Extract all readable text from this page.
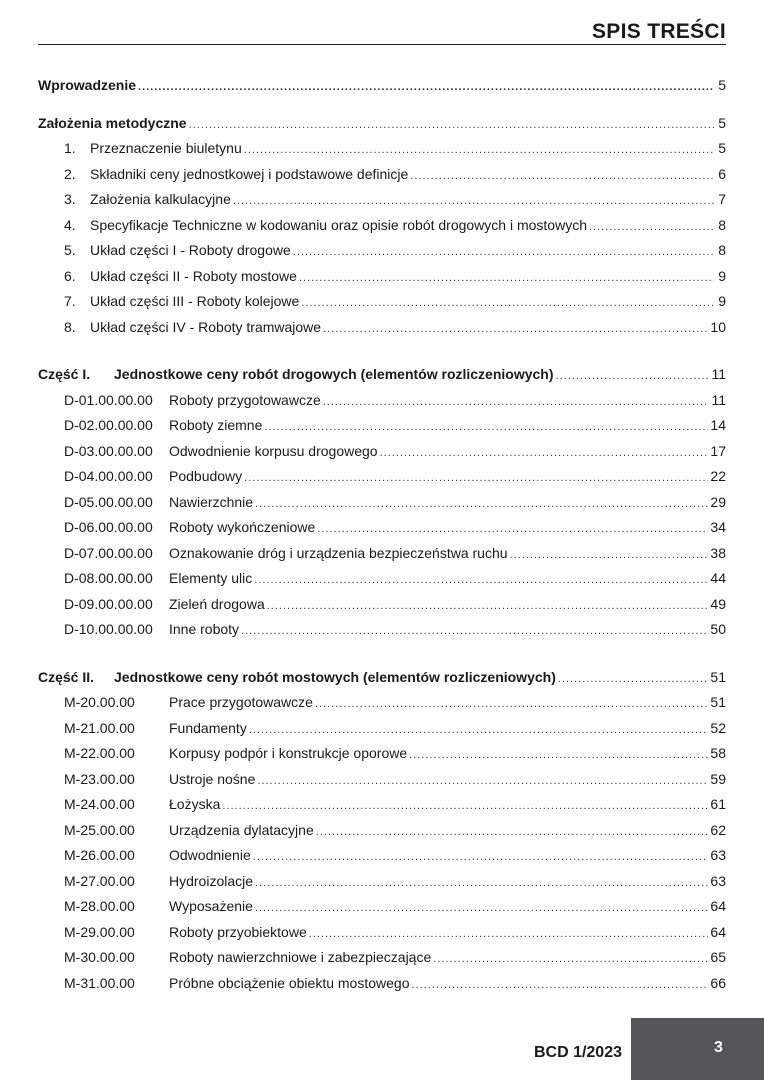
SPIS TREŚCI
Wprowadzenie .....	5
Założenia metodyczne .....	5
1.	Przeznaczenie biuletynu .....	5
2.	Składniki ceny jednostkowej i podstawowe definicje .....	6
3.	Założenia kalkulacyjne .....	7
4.	Specyfikacje Techniczne w kodowaniu oraz opisie robót drogowych i mostowych .....	8
5.	Układ części I - Roboty drogowe .....	8
6.	Układ części II - Roboty mostowe .....	9
7.	Układ części III - Roboty kolejowe .....	9
8.	Układ części IV - Roboty tramwajowe .....	10
Część I.	Jednostkowe ceny robót drogowych (elementów rozliczeniowych) .....	11
D-01.00.00.00	Roboty przygotowawcze .....	11
D-02.00.00.00	Roboty ziemne .....	14
D-03.00.00.00	Odwodnienie korpusu drogowego .....	17
D-04.00.00.00	Podbudowy .....	22
D-05.00.00.00	Nawierzchnie .....	29
D-06.00.00.00	Roboty wykończeniowe .....	34
D-07.00.00.00	Oznakowanie dróg i urządzenia bezpieczeństwa ruchu .....	38
D-08.00.00.00	Elementy ulic .....	44
D-09.00.00.00	Zieleń drogowa .....	49
D-10.00.00.00	Inne roboty .....	50
Część II.	Jednostkowe ceny robót mostowych (elementów rozliczeniowych) .....	51
M-20.00.00	Prace przygotowawcze .....	51
M-21.00.00	Fundamenty .....	52
M-22.00.00	Korpusy podpór i konstrukcje oporowe .....	58
M-23.00.00	Ustroje nośne .....	59
M-24.00.00	Łożyska .....	61
M-25.00.00	Urządzenia dylatacyjne .....	62
M-26.00.00	Odwodnienie .....	63
M-27.00.00	Hydroizolacje .....	63
M-28.00.00	Wyposażenie .....	64
M-29.00.00	Roboty przyobiektowe .....	64
M-30.00.00	Roboty nawierzchniowe i zabezpieczające .....	65
M-31.00.00	Próbne obciążenie obiektu mostowego .....	66
BCD 1/2023	3
